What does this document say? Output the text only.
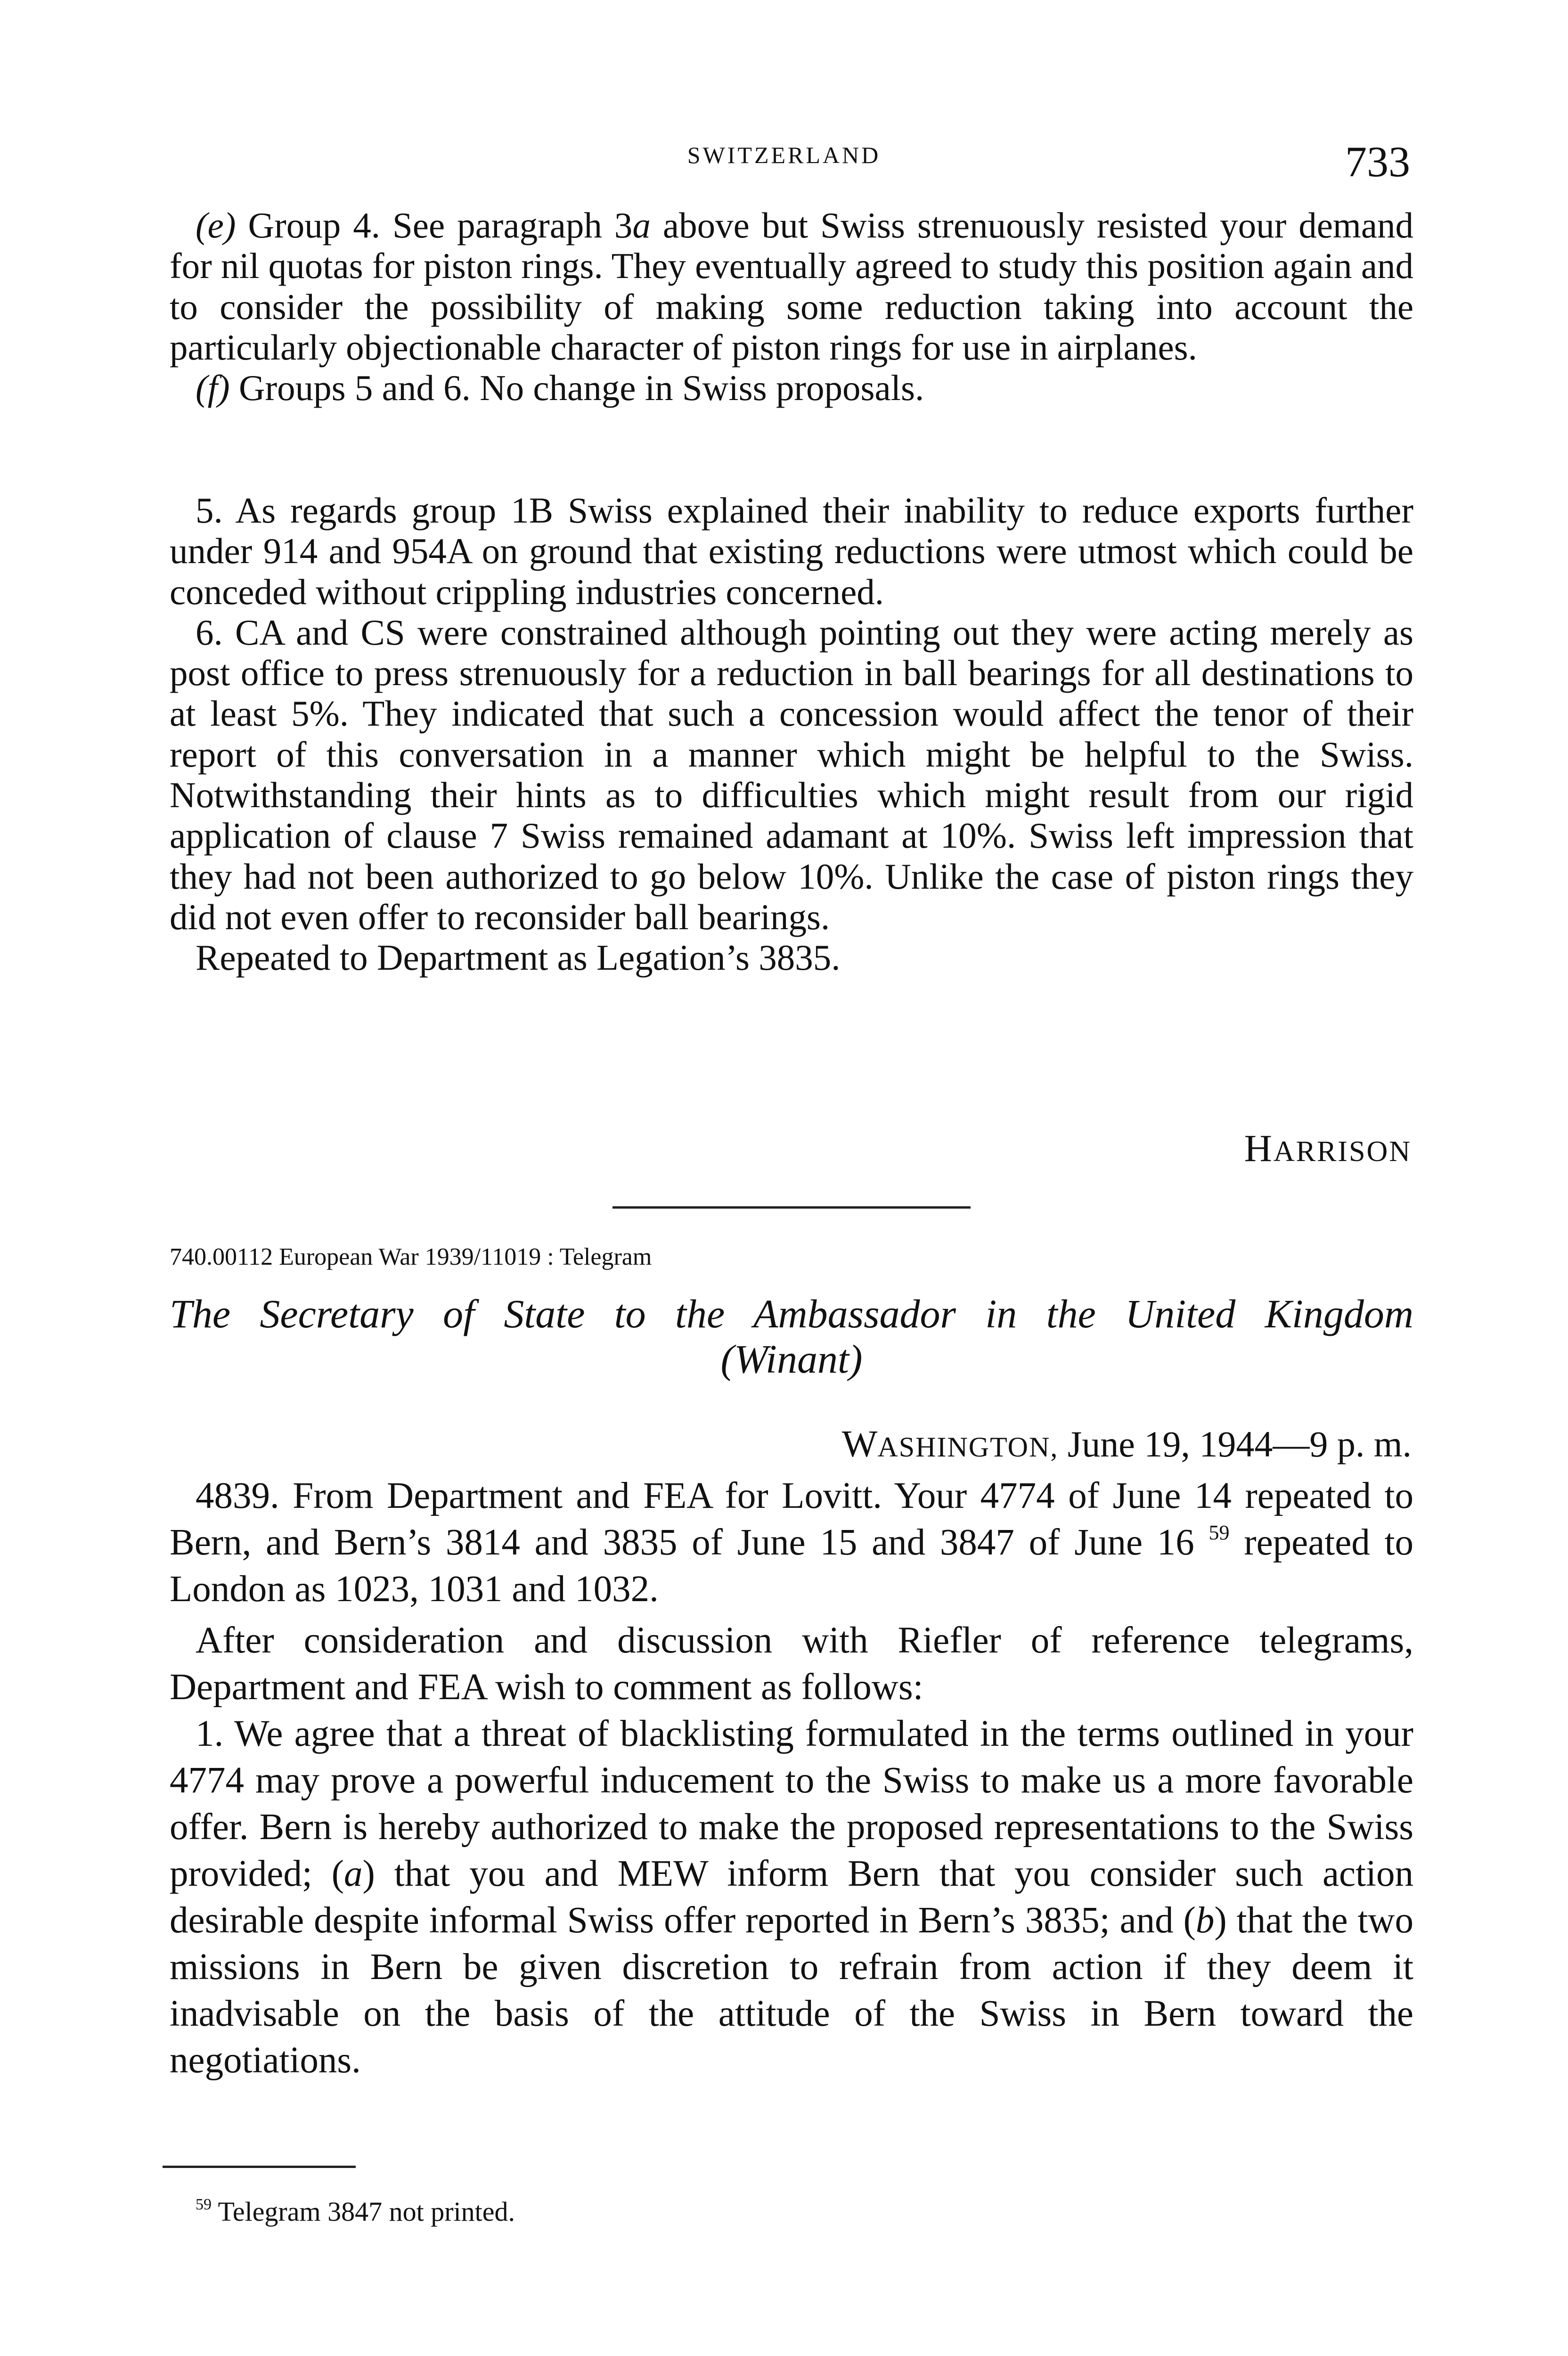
SWITZERLAND	733

(e) Group 4. See paragraph 3a above but Swiss strenuously resisted your demand for nil quotas for piston rings. They eventually agreed to study this position again and to consider the possibility of making some reduction taking into account the particularly objectionable character of piston rings for use in airplanes.

(f) Groups 5 and 6. No change in Swiss proposals.

5. As regards group 1B Swiss explained their inability to reduce exports further under 914 and 954A on ground that existing reductions were utmost which could be conceded without crippling industries concerned.

6. CA and CS were constrained although pointing out they were acting merely as post office to press strenuously for a reduction in ball bearings for all destinations to at least 5%. They indicated that such a concession would affect the tenor of their report of this conversation in a manner which might be helpful to the Swiss. Notwithstanding their hints as to difficulties which might result from our rigid application of clause 7 Swiss remained adamant at 10%. Swiss left impression that they had not been authorized to go below 10%. Unlike the case of piston rings they did not even offer to reconsider ball bearings.

Repeated to Department as Legation’s 3835.

HARRISON
740.00112 European War 1939/11019 : Telegram
The Secretary of State to the Ambassador in the United Kingdom
(Winant)
WASHINGTON, June 19, 1944—9 p. m.

4839. From Department and FEA for Lovitt. Your 4774 of June 14 repeated to Bern, and Bern’s 3814 and 3835 of June 15 and 3847 of June 16 $^{59}$ repeated to London as 1023, 1031 and 1032.

After consideration and discussion with Riefler of reference telegrams, Department and FEA wish to comment as follows:

1. We agree that a threat of blacklisting formulated in the terms outlined in your 4774 may prove a powerful inducement to the Swiss to make us a more favorable offer. Bern is hereby authorized to make the proposed representations to the Swiss provided; (a) that you and MEW inform Bern that you consider such action desirable despite informal Swiss offer reported in Bern’s 3835; and (b) that the two missions in Bern be given discretion to refrain from action if they deem it inadvisable on the basis of the attitude of the Swiss in Bern toward the negotiations.

$^{59}$ Telegram 3847 not printed.
